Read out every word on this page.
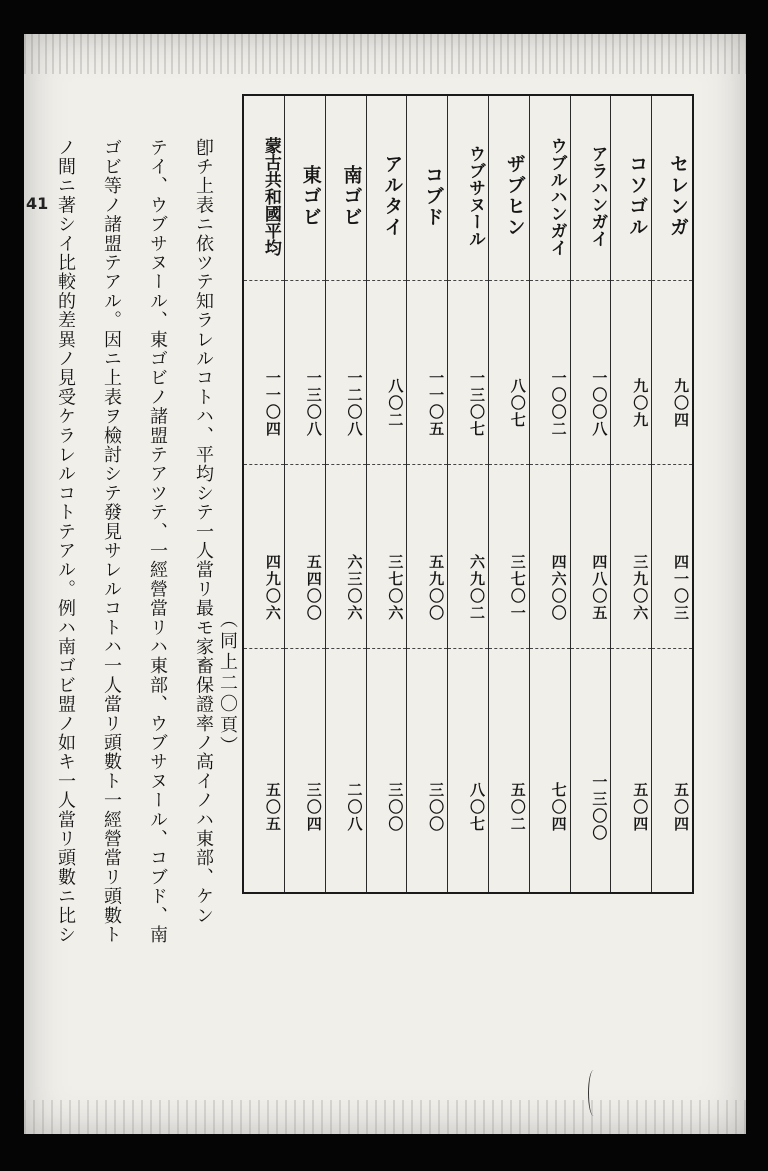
41	セレンガ
九〇四
四一〇三
五〇四
コソゴル
九〇九
三九〇六
五〇四
アラハンガイ
一〇〇八
四八〇五
一三〇〇
ウブルハンガイ
一〇〇二
四六〇〇
七〇四
ザブヒン
八〇七
三七〇一
五〇二
ウブサヌール
一三〇七
六九〇二
八〇七
コブド
一一〇五
五九〇〇
三〇〇
アルタイ
八〇二
三七〇六
三〇〇
南ゴビ
一二〇八
六三〇六
二〇八
東ゴビ
一三〇八
五四〇〇
三〇四
蒙古共和國平均
一一〇四
四九〇六
五〇五
（同上二〇頁）
卽チ上表ニ依ツテ知ラレルコトハ、平均シテ一人當リ最モ家畜保證率ノ高イノハ東部、ケン
テイ、ウブサヌール、東ゴビノ諸盟テアツテ、一經營當リハ東部、ウブサヌール、コブド、南
ゴビ等ノ諸盟テアル。因ニ上表ヲ檢討シテ發見サレルコトハ一人當リ頭數ト一經營當リ頭數ト
ノ間ニ著シイ比較的差異ノ見受ケラレルコトテアル。例ハ南ゴビ盟ノ如キ一人當リ頭數ニ比シ
